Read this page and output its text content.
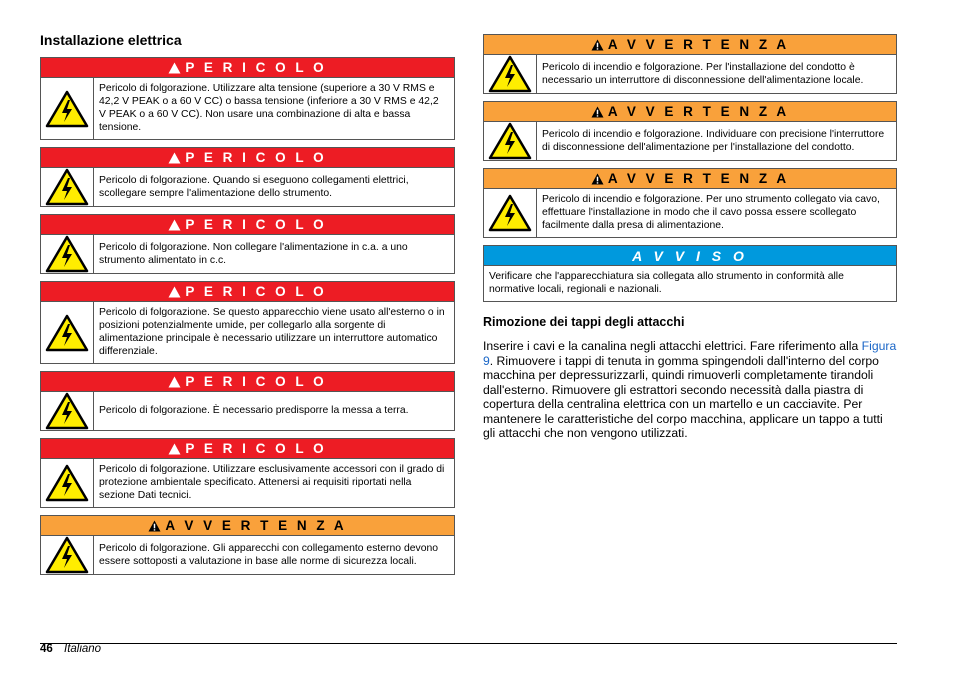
Installazione elettrica
P E R I C O L O
Pericolo di folgorazione. Utilizzare alta tensione (superiore a 30 V RMS e 42,2 V PEAK o a 60 V CC) o bassa tensione (inferiore a 30 V RMS e 42,2 V PEAK o a 60 V CC). Non usare una combinazione di alta e bassa tensione.
P E R I C O L O
Pericolo di folgorazione. Quando si eseguono collegamenti elettrici, scollegare sempre l'alimentazione dello strumento.
P E R I C O L O
Pericolo di folgorazione. Non collegare l'alimentazione in c.a. a uno strumento alimentato in c.c.
P E R I C O L O
Pericolo di folgorazione. Se questo apparecchio viene usato all'esterno o in posizioni potenzialmente umide, per collegarlo alla sorgente di alimentazione principale è necessario utilizzare un interruttore automatico differenziale.
P E R I C O L O
Pericolo di folgorazione. È necessario predisporre la messa a terra.
P E R I C O L O
Pericolo di folgorazione. Utilizzare esclusivamente accessori con il grado di protezione ambientale specificato. Attenersi ai requisiti riportati nella sezione Dati tecnici.
A V V E R T E N Z A
Pericolo di folgorazione. Gli apparecchi con collegamento esterno devono essere sottoposti a valutazione in base alle norme di sicurezza locali.
A V V E R T E N Z A
Pericolo di incendio e folgorazione. Per l'installazione del condotto è necessario un interruttore di disconnessione dell'alimentazione locale.
A V V E R T E N Z A
Pericolo di incendio e folgorazione. Individuare con precisione l'interruttore di disconnessione dell'alimentazione per l'installazione del condotto.
A V V E R T E N Z A
Pericolo di incendio e folgorazione. Per uno strumento collegato via cavo, effettuare l'installazione in modo che il cavo possa essere scollegato facilmente dalla presa di alimentazione.
A V V I S O
Verificare che l'apparecchiatura sia collegata allo strumento in conformità alle normative locali, regionali e nazionali.
Rimozione dei tappi degli attacchi

Inserire i cavi e la canalina negli attacchi elettrici. Fare riferimento alla Figura 9. Rimuovere i tappi di tenuta in gomma spingendoli dall'interno del corpo macchina per depressurizzarli, quindi rimuoverli completamente tirandoli dall'esterno. Rimuovere gli estrattori secondo necessità dalla piastra di copertura della centralina elettrica con un martello e un cacciavite. Per mantenere le caratteristiche del corpo macchina, applicare un tappo a tutti gli attacchi che non vengono utilizzati.

46 Italiano
